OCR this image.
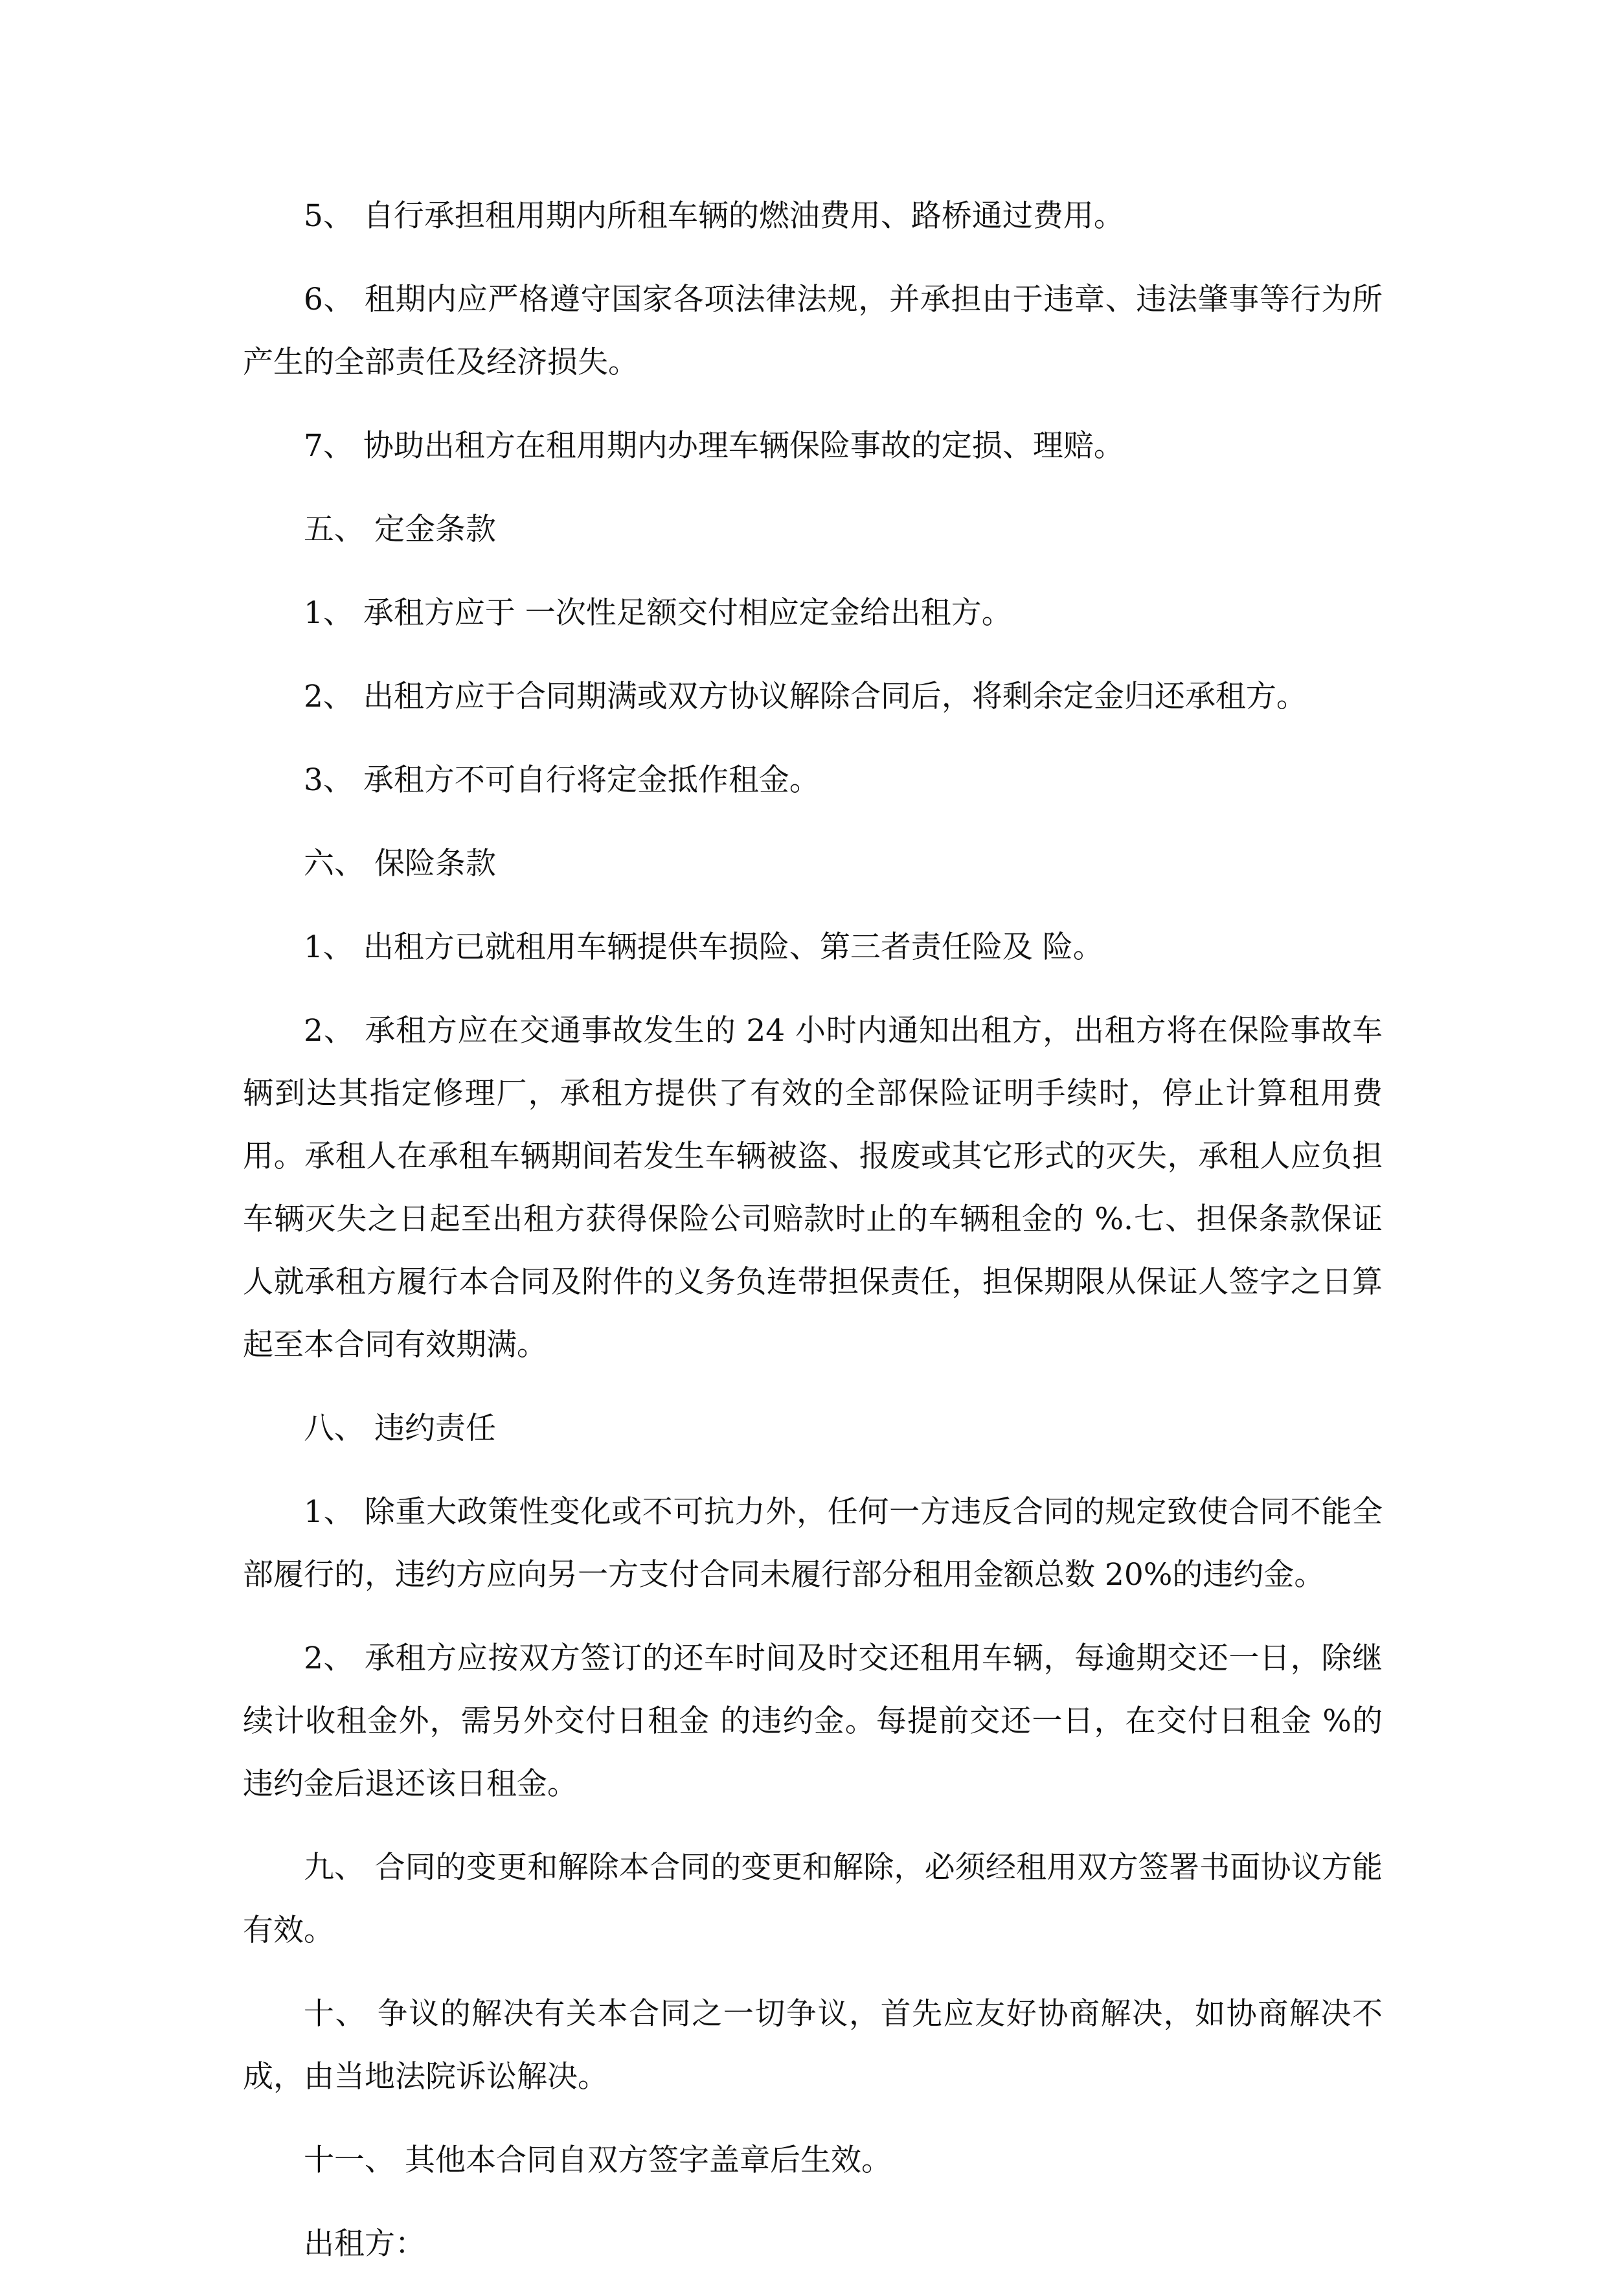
5、 自行承担租用期内所租车辆的燃油费用、路桥通过费用。

6、 租期内应严格遵守国家各项法律法规，并承担由于违章、违法肇事等行为所产生的全部责任及经济损失。

7、 协助出租方在租用期内办理车辆保险事故的定损、理赔。

五、 定金条款

1、 承租方应于 一次性足额交付相应定金给出租方。

2、 出租方应于合同期满或双方协议解除合同后，将剩余定金归还承租方。

3、 承租方不可自行将定金抵作租金。

六、 保险条款

1、 出租方已就租用车辆提供车损险、第三者责任险及 险。

2、 承租方应在交通事故发生的 24 小时内通知出租方，出租方将在保险事故车辆到达其指定修理厂，承租方提供了有效的全部保险证明手续时，停止计算租用费用。承租人在承租车辆期间若发生车辆被盗、报废或其它形式的灭失，承租人应负担车辆灭失之日起至出租方获得保险公司赔款时止的车辆租金的 %.七、担保条款保证人就承租方履行本合同及附件的义务负连带担保责任，担保期限从保证人签字之日算起至本合同有效期满。

八、 违约责任

1、 除重大政策性变化或不可抗力外，任何一方违反合同的规定致使合同不能全部履行的，违约方应向另一方支付合同未履行部分租用金额总数 20%的违约金。

2、 承租方应按双方签订的还车时间及时交还租用车辆，每逾期交还一日，除继续计收租金外，需另外交付日租金 的违约金。每提前交还一日，在交付日租金 %的违约金后退还该日租金。

九、 合同的变更和解除本合同的变更和解除，必须经租用双方签署书面协议方能有效。

十、 争议的解决有关本合同之一切争议，首先应友好协商解决，如协商解决不成，由当地法院诉讼解决。

十一、 其他本合同自双方签字盖章后生效。

出租方：
